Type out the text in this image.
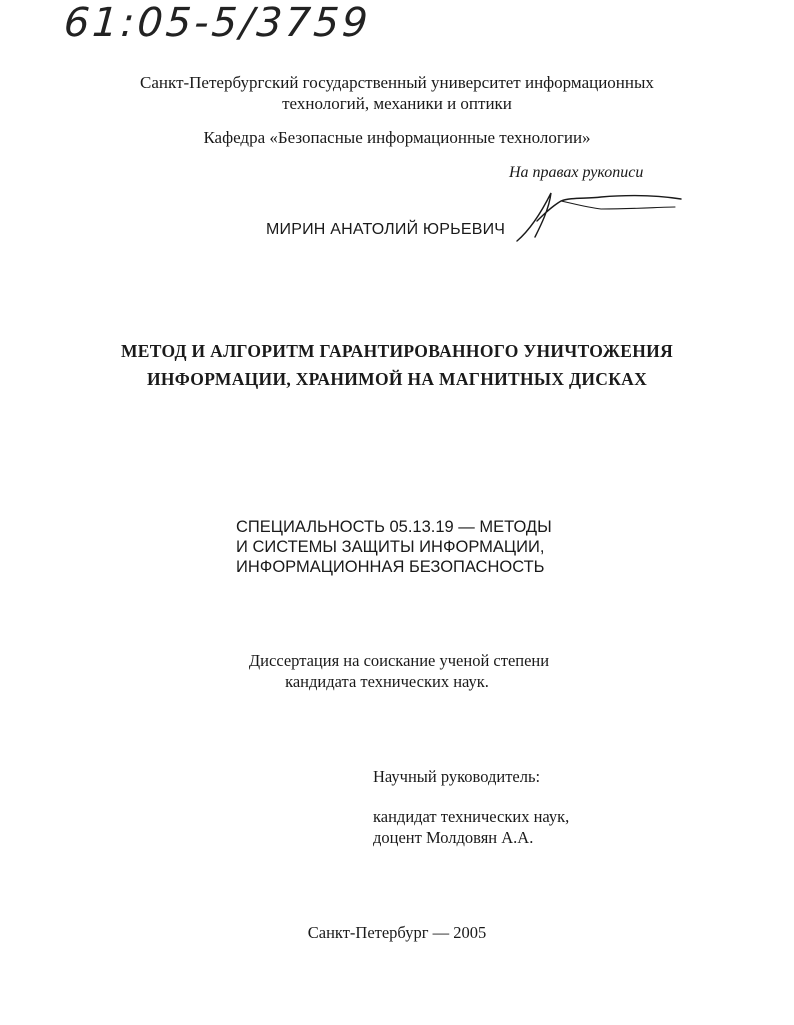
61:05-5/3759
Санкт-Петербургский государственный университет информационных
технологий, механики и оптики
Кафедра «Безопасные информационные технологии»
На правах рукописи
МИРИН АНАТОЛИЙ ЮРЬЕВИЧ
МЕТОД И АЛГОРИТМ ГАРАНТИРОВАННОГО УНИЧТОЖЕНИЯ
ИНФОРМАЦИИ, ХРАНИМОЙ НА МАГНИТНЫХ ДИСКАХ
СПЕЦИАЛЬНОСТЬ 05.13.19 — МЕТОДЫ
И СИСТЕМЫ ЗАЩИТЫ ИНФОРМАЦИИ,
ИНФОРМАЦИОННАЯ БЕЗОПАСНОСТЬ
Диссертация на соискание ученой степени
кандидата технических наук.
Научный руководитель:
кандидат технических наук,
доцент Молдовян А.А.
Санкт-Петербург — 2005
